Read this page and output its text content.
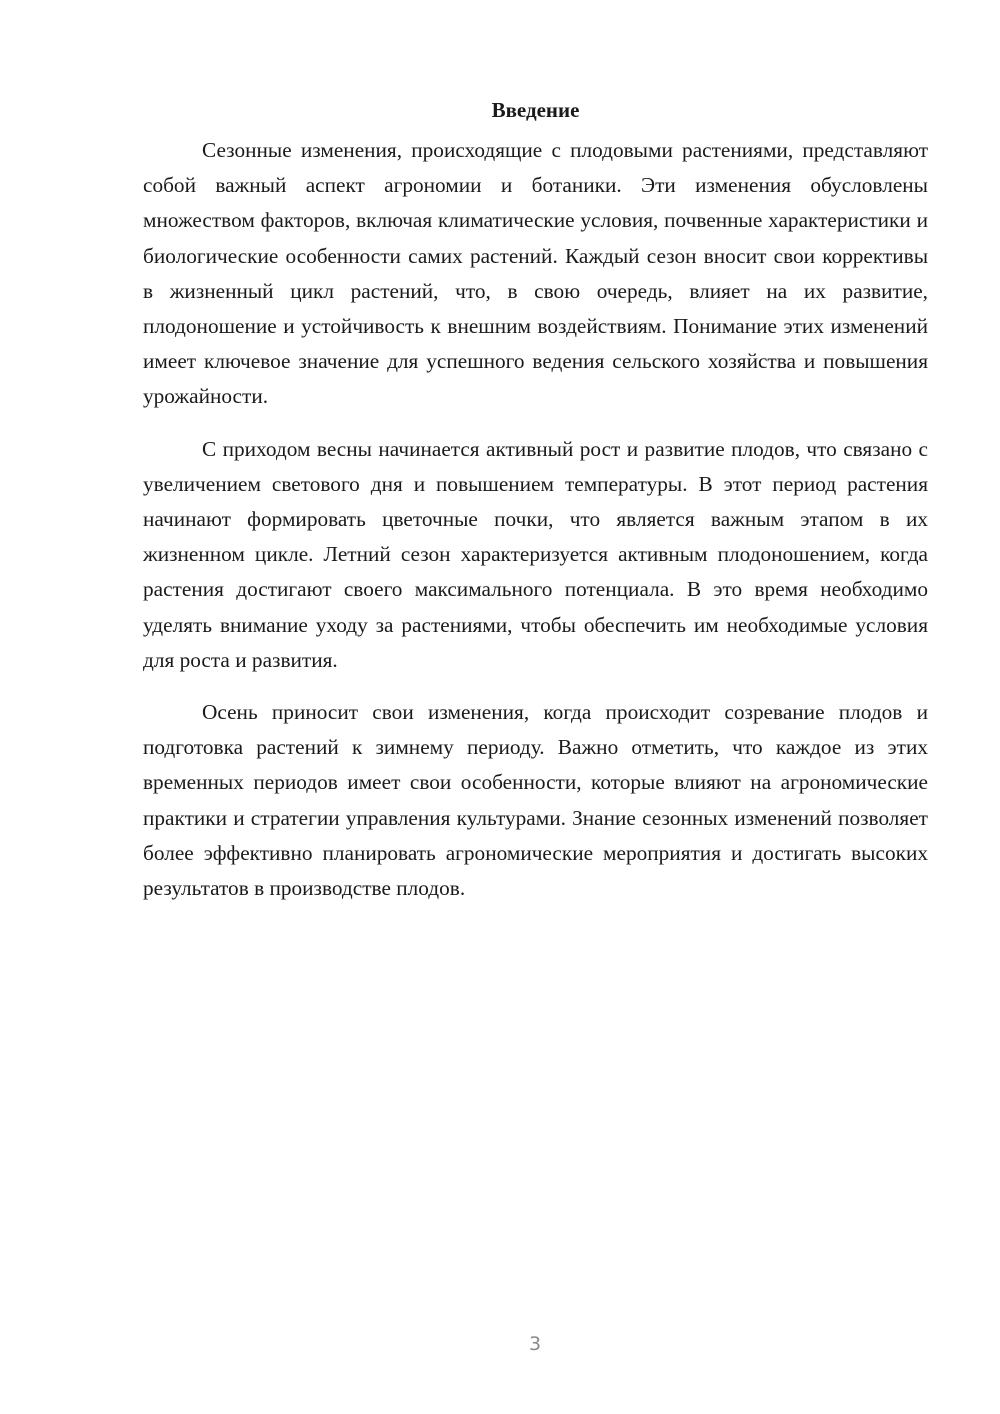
Введение

Сезонные изменения, происходящие с плодовыми растениями, представляют собой важный аспект агрономии и ботаники. Эти изменения обусловлены множеством факторов, включая климатические условия, почвенные характеристики и биологические особенности самих растений. Каждый сезон вносит свои коррективы в жизненный цикл растений, что, в свою очередь, влияет на их развитие, плодоношение и устойчивость к внешним воздействиям. Понимание этих изменений имеет ключевое значение для успешного ведения сельского хозяйства и повышения урожайности.

С приходом весны начинается активный рост и развитие плодов, что связано с увеличением светового дня и повышением температуры. В этот период растения начинают формировать цветочные почки, что является важным этапом в их жизненном цикле. Летний сезон характеризуется активным плодоношением, когда растения достигают своего максимального потенциала. В это время необходимо уделять внимание уходу за растениями, чтобы обеспечить им необходимые условия для роста и развития.

Осень приносит свои изменения, когда происходит созревание плодов и подготовка растений к зимнему периоду. Важно отметить, что каждое из этих временных периодов имеет свои особенности, которые влияют на агрономические практики и стратегии управления культурами. Знание сезонных изменений позволяет более эффективно планировать агрономические мероприятия и достигать высоких результатов в производстве плодов.

3
